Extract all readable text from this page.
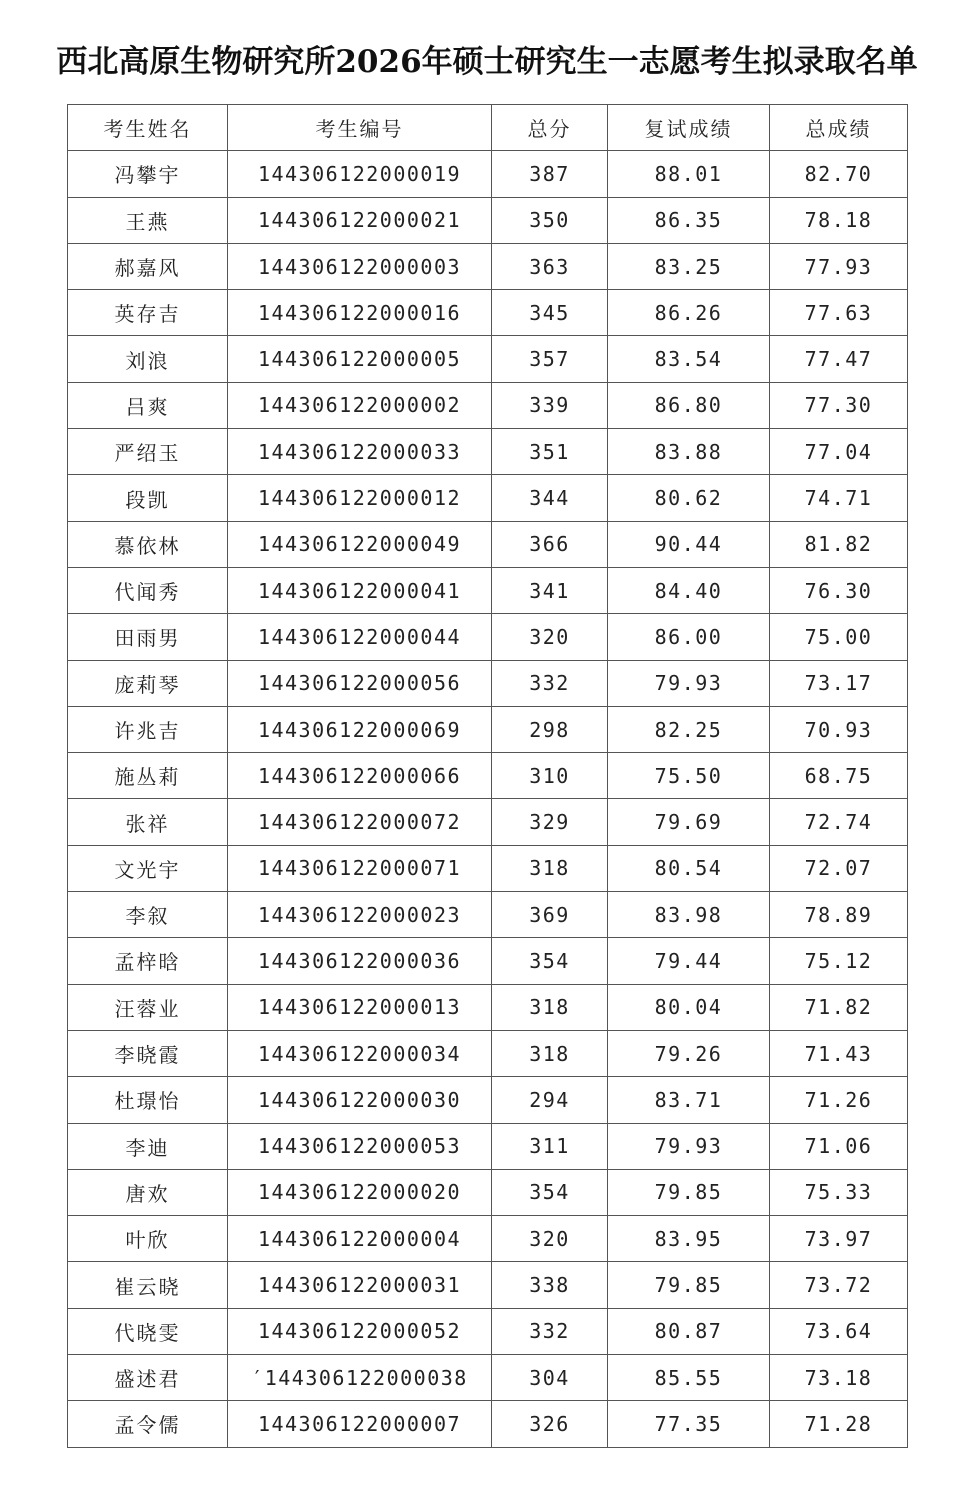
西北高原生物研究所2026年硕士研究生一志愿考生拟录取名单
考生姓名	考生编号	总分	复试成绩	总成绩
冯攀宇	144306122000019	387	88.01	82.70
王燕	144306122000021	350	86.35	78.18
郝嘉风	144306122000003	363	83.25	77.93
英存吉	144306122000016	345	86.26	77.63
刘浪	144306122000005	357	83.54	77.47
吕爽	144306122000002	339	86.80	77.30
严绍玉	144306122000033	351	83.88	77.04
段凯	144306122000012	344	80.62	74.71
慕依林	144306122000049	366	90.44	81.82
代闻秀	144306122000041	341	84.40	76.30
田雨男	144306122000044	320	86.00	75.00
庞莉琴	144306122000056	332	79.93	73.17
许兆吉	144306122000069	298	82.25	70.93
施丛莉	144306122000066	310	75.50	68.75
张祥	144306122000072	329	79.69	72.74
文光宇	144306122000071	318	80.54	72.07
李叙	144306122000023	369	83.98	78.89
孟梓晗	144306122000036	354	79.44	75.12
汪蓉业	144306122000013	318	80.04	71.82
李晓霞	144306122000034	318	79.26	71.43
杜璟怡	144306122000030	294	83.71	71.26
李迪	144306122000053	311	79.93	71.06
唐欢	144306122000020	354	79.85	75.33
叶欣	144306122000004	320	83.95	73.97
崔云晓	144306122000031	338	79.85	73.72
代晓雯	144306122000052	332	80.87	73.64
盛述君	′144306122000038	304	85.55	73.18
孟令儒	144306122000007	326	77.35	71.28
